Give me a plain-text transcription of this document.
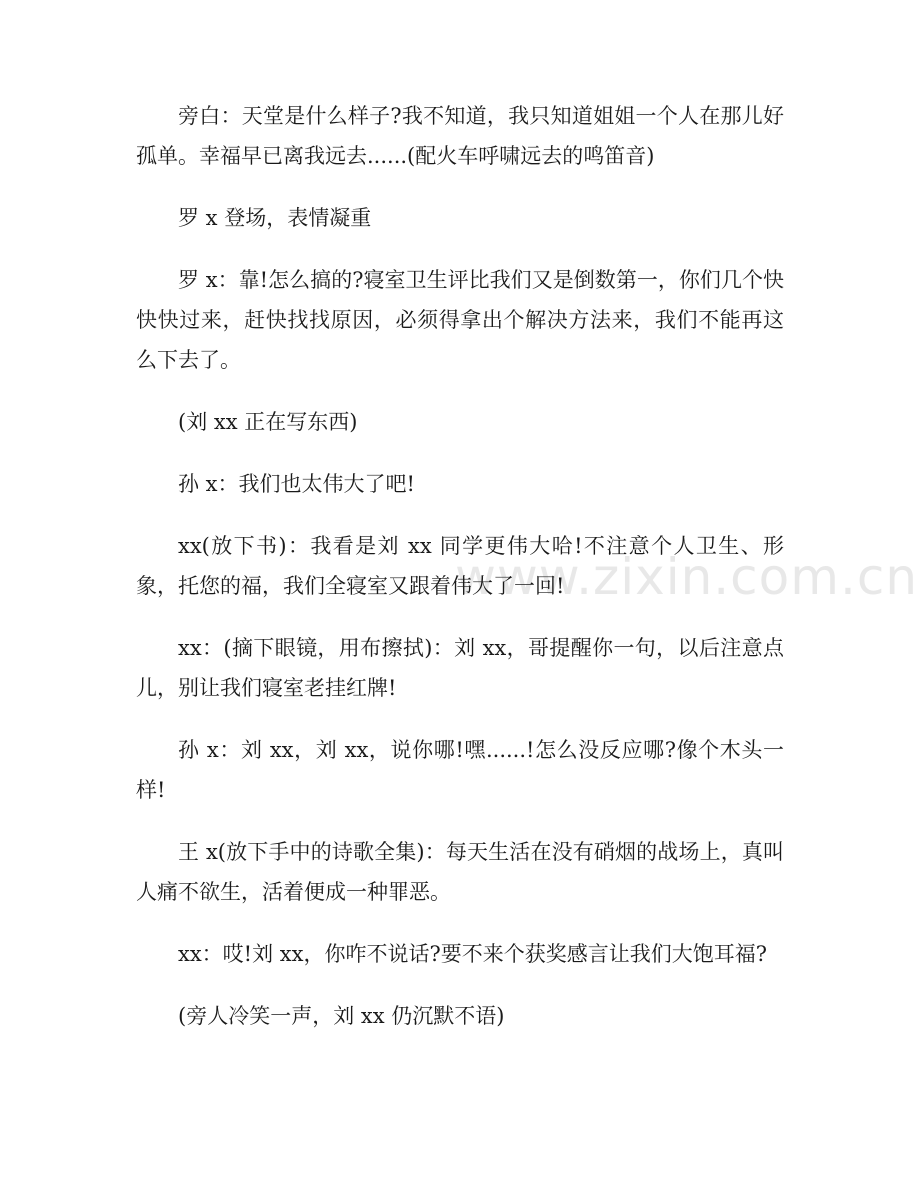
www.zixin.com.cn

旁白：天堂是什么样子?我不知道，我只知道姐姐一个人在那儿好孤单。幸福早已离我远去......(配火车呼啸远去的鸣笛音)

罗 x 登场，表情凝重

罗 x：靠!怎么搞的?寝室卫生评比我们又是倒数第一，你们几个快快快过来，赶快找找原因，必须得拿出个解决方法来，我们不能再这么下去了。

(刘 xx 正在写东西)

孙 x：我们也太伟大了吧!

xx(放下书)：我看是刘 xx 同学更伟大哈!不注意个人卫生、形象，托您的福，我们全寝室又跟着伟大了一回!

xx：(摘下眼镜，用布擦拭)：刘 xx，哥提醒你一句，以后注意点儿，别让我们寝室老挂红牌!

孙 x：刘 xx，刘 xx，说你哪!嘿......!怎么没反应哪?像个木头一样!

王 x(放下手中的诗歌全集)：每天生活在没有硝烟的战场上，真叫人痛不欲生，活着便成一种罪恶。

xx：哎!刘 xx，你咋不说话?要不来个获奖感言让我们大饱耳福?

(旁人冷笑一声，刘 xx 仍沉默不语)
